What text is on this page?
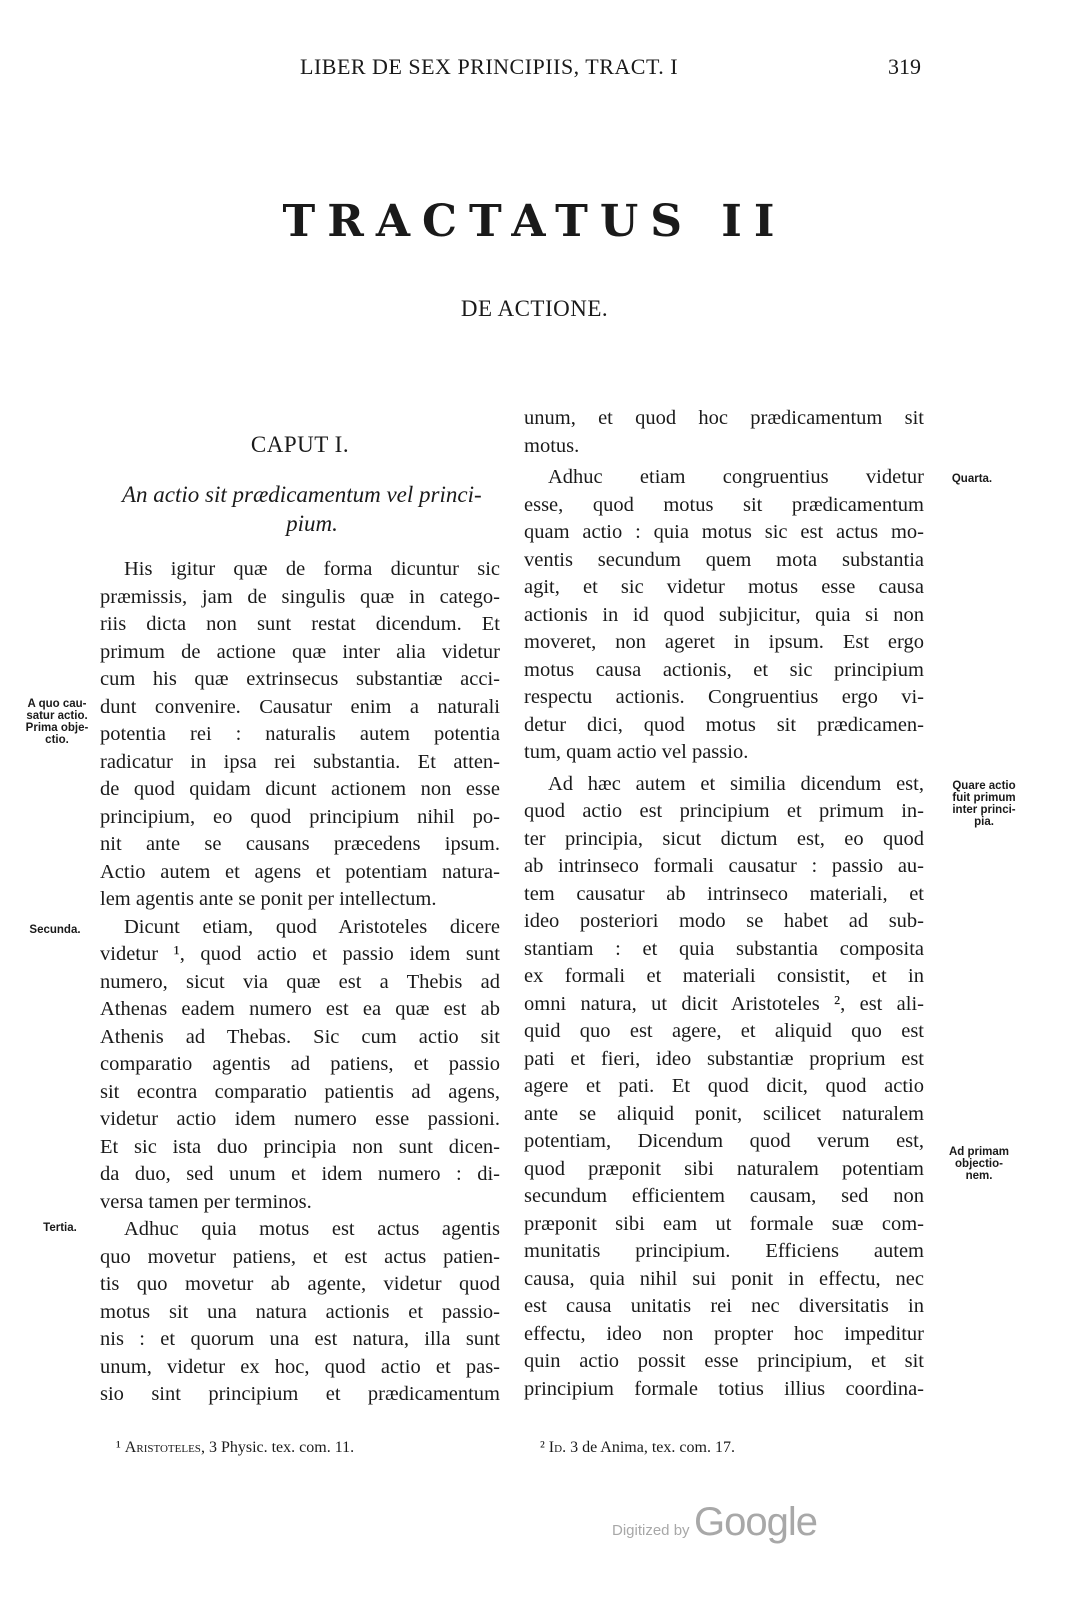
LIBER DE SEX PRINCIPIIS, TRACT. I	319
TRACTATUS II
DE ACTIONE.
CAPUT I.
An actio sit prædicamentum vel princi-
pium.
His igitur quæ de forma dicuntur sic
præmissis, jam de singulis quæ in catego-
riis dicta non sunt restat dicendum. Et
primum de actione quæ inter alia videtur
cum his quæ extrinsecus substantiæ acci-
dunt convenire. Causatur enim a naturali
potentia rei : naturalis autem potentia
radicatur in ipsa rei substantia. Et atten-
de quod quidam dicunt actionem non esse
principium, eo quod principium nihil po-
nit ante se causans præcedens ipsum.
Actio autem et agens et potentiam natura-
lem agentis ante se ponit per intellectum.
Dicunt etiam, quod Aristoteles dicere
videtur ¹, quod actio et passio idem sunt
numero, sicut via quæ est a Thebis ad
Athenas eadem numero est ea quæ est ab
Athenis ad Thebas. Sic cum actio sit
comparatio agentis ad patiens, et passio
sit econtra comparatio patientis ad agens,
videtur actio idem numero esse passioni.
Et sic ista duo principia non sunt dicen-
da duo, sed unum et idem numero : di-
versa tamen per terminos.
Adhuc quia motus est actus agentis
quo movetur patiens, et est actus patien-
tis quo movetur ab agente, videtur quod
motus sit una natura actionis et passio-
nis : et quorum una est natura, illa sunt
unum, videtur ex hoc, quod actio et pas-
sio sint principium et prædicamentum
unum, et quod hoc prædicamentum sit
motus.
Adhuc etiam congruentius videtur
esse, quod motus sit prædicamentum
quam actio : quia motus sic est actus mo-
ventis secundum quem mota substantia
agit, et sic videtur motus esse causa
actionis in id quod subjicitur, quia si non
moveret, non ageret in ipsum. Est ergo
motus causa actionis, et sic principium
respectu actionis. Congruentius ergo vi-
detur dici, quod motus sit prædicamen-
tum, quam actio vel passio.
Ad hæc autem et similia dicendum est,
quod actio est principium et primum in-
ter principia, sicut dictum est, eo quod
ab intrinseco formali causatur : passio au-
tem causatur ab intrinseco materiali, et
ideo posteriori modo se habet ad sub-
stantiam : et quia substantia composita
ex formali et materiali consistit, et in
omni natura, ut dicit Aristoteles ², est ali-
quid quo est agere, et aliquid quo est
pati et fieri, ideo substantiæ proprium est
agere et pati. Et quod dicit, quod actio
ante se aliquid ponit, scilicet naturalem
potentiam, Dicendum quod verum est,
quod præponit sibi naturalem potentiam
secundum efficientem causam, sed non
præponit sibi eam ut formale suæ com-
munitatis principium. Efficiens autem
causa, quia nihil sui ponit in effectu, nec
est causa unitatis rei nec diversitatis in
effectu, ideo non propter hoc impeditur
quin actio possit esse principium, et sit
principium formale totius illius coordina-
A quo cau-
satur actio.
Prima obje-
ctio.
Secunda.
Tertia.
Quarta.
Quare actio
fuit primum
inter princi-
pia.
Ad primam
objectio-
nem.
¹ Aristoteles, 3 Physic. tex. com. 11.	² Id. 3 de Anima, tex. com. 17.
Digitized by Google
